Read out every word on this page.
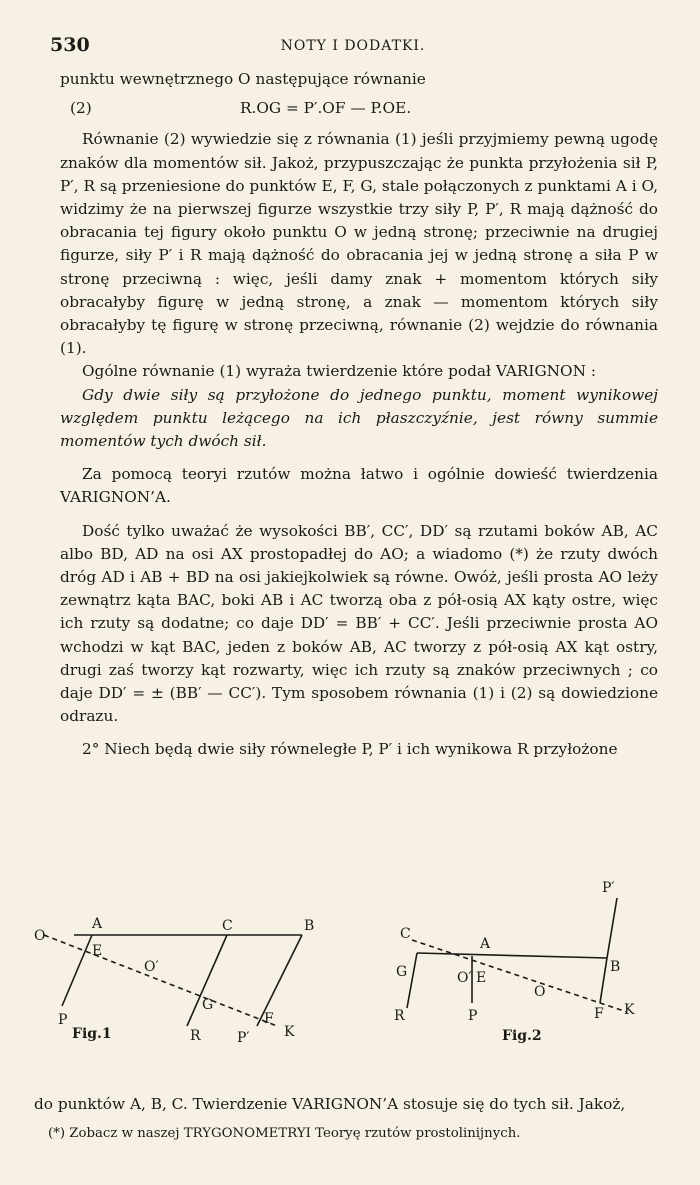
530	NOTY I DODATKI.

punktu wewnętrznego O następujące równanie

(2)	R.OG = P′.OF — P.OE.

Równanie (2) wywiedzie się z równania (1) jeśli przyjmiemy pewną ugodę znaków dla momentów sił. Jakoż, przypuszczając że punkta przyłożenia sił P, P′, R są przeniesione do punktów E, F, G, stale połączonych z punktami A i O, widzimy że na pierwszej figurze wszystkie trzy siły P, P′, R mają dążność do obracania tej figury około punktu O w jedną stronę; przeciwnie na drugiej figurze, siły P′ i R mają dążność do obracania jej w jedną stronę a siła P w stronę przeciwną : więc, jeśli damy znak + momentom których siły obracałyby figurę w jedną stronę, a znak — momentom których siły obracałyby tę figurę w stronę przeciwną, równanie (2) wejdzie do równania (1).

Ogólne równanie (1) wyraża twierdzenie które podał VARIGNON :

Gdy dwie siły są przyłożone do jednego punktu, moment wynikowej względem punktu leżącego na ich płaszczyźnie, jest równy summie momentów tych dwóch sił.

Za pomocą teoryi rzutów można łatwo i ogólnie dowieść twierdzenia VARIGNON’A.

Dość tylko uważać że wysokości BB′, CC′, DD′ są rzutami boków AB, AC albo BD, AD na osi AX prostopadłej do AO; a wiadomo (*) że rzuty dwóch dróg AD i AB + BD na osi jakiejkolwiek są równe. Owóż, jeśli prosta AO leży zewnątrz kąta BAC, boki AB i AC tworzą oba z pół-osią AX kąty ostre, więc ich rzuty są dodatne; co daje DD′ = BB′ + CC′. Jeśli przeciwnie prosta AO wchodzi w kąt BAC, jeden z boków AB, AC tworzy z pół-osią AX kąt ostry, drugi zaś tworzy kąt rozwarty, więc ich rzuty są znaków przeciwnych ; co daje DD′ = ± (BB′ — CC′). Tym sposobem równania (1) i (2) są dowiedzione odrazu.

2° Niech będą dwie siły równeległe P, P′ i ich wynikowa R przyłożone

O
A	C	B
E
O′
G
F
K
P
R	P′
Fig.1
C
A
B
P′
G	O′ E
O
F K
R	P
Fig.2

do punktów A, B, C. Twierdzenie VARIGNON’A stosuje się do tych sił. Jakoż,

(*) Zobacz w naszej TRYGONOMETRYI Teoryę rzutów prostolinijnych.
